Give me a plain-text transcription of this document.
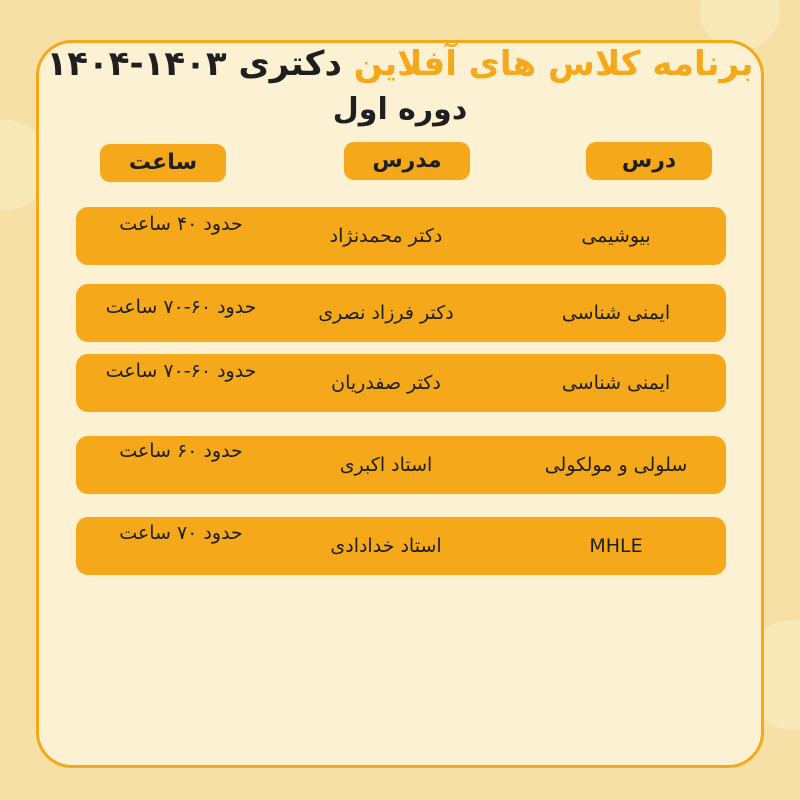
برنامه کلاس های آفلاین دکتری ۱۴۰۳-۱۴۰۴
دوره اول
درس
مدرس
ساعت
بیوشیمی
دکتر محمدنژاد
حدود ۴۰ ساعت
ایمنی شناسی
دکتر فرزاد نصری
حدود ۶۰-۷۰ ساعت
ایمنی شناسی
دکتر صفدریان
حدود ۶۰-۷۰ ساعت
سلولی و مولکولی
استاد اکبری
حدود ۶۰ ساعت
MHLE
استاد خدادادی
حدود ۷۰ ساعت
